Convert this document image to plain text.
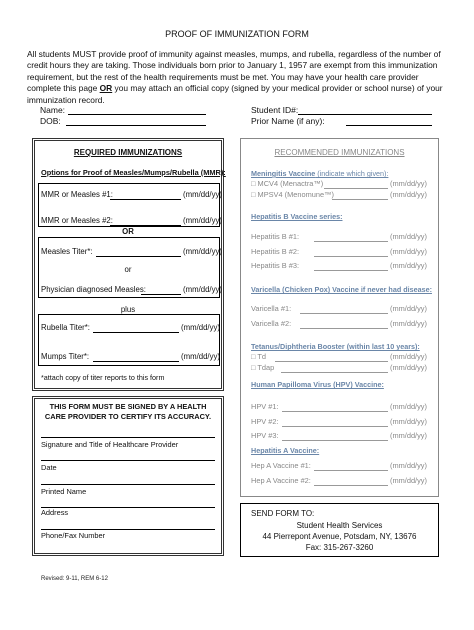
PROOF OF IMMUNIZATION FORM
All students MUST provide proof of immunity against measles, mumps, and rubella, regardless of the number of credit hours they are taking. Those individuals born prior to January 1, 1957 are exempt from this immunization requirement, but the rest of the health requirements must be met. You may have your health care provider complete this page OR you may attach an official copy (signed by your medical provider or school nurse) of your immunization record.
Name:
DOB:
Student ID#:
Prior Name (if any):
REQUIRED IMMUNIZATIONS
Options for Proof of Measles/Mumps/Rubella (MMR):
MMR or Measles #1:	(mm/dd/yy)
MMR or Measles #2:	(mm/dd/yy)
OR
Measles Titer*:	(mm/dd/yy)
or
Physician diagnosed Measles:	(mm/dd/yy)
plus
Rubella Titer*:	(mm/dd/yy)
Mumps Titer*:	(mm/dd/yy)
*attach copy of titer reports to this form
RECOMMENDED IMMUNIZATIONS
Meningitis Vaccine (indicate which given):
□ MCV4 (Menactra™)	(mm/dd/yy)
□ MPSV4 (Menomune™)	(mm/dd/yy)
Hepatitis B Vaccine series:
Hepatitis B #1:	(mm/dd/yy)
Hepatitis B #2:	(mm/dd/yy)
Hepatitis B #3:	(mm/dd/yy)
Varicella (Chicken Pox) Vaccine if never had disease:
Varicella #1:	(mm/dd/yy)
Varicella #2:	(mm/dd/yy)
Tetanus/Diphtheria Booster (within last 10 years):
□ Td	(mm/dd/yy)
□ Tdap	(mm/dd/yy)
Human Papilloma Virus (HPV) Vaccine:
HPV #1:	(mm/dd/yy)
HPV #2:	(mm/dd/yy)
HPV #3:	(mm/dd/yy)
Hepatitis A Vaccine:
Hep A Vaccine #1:	(mm/dd/yy)
Hep A Vaccine #2:	(mm/dd/yy)
THIS FORM MUST BE SIGNED BY A HEALTH
CARE PROVIDER TO CERTIFY ITS ACCURACY.
Signature and Title of Healthcare Provider
Date
Printed Name
Address
Phone/Fax Number
SEND FORM TO:
Student Health Services
44 Pierrepont Avenue, Potsdam, NY, 13676
Fax: 315-267-3260
Revised: 9-11, REM 6-12
